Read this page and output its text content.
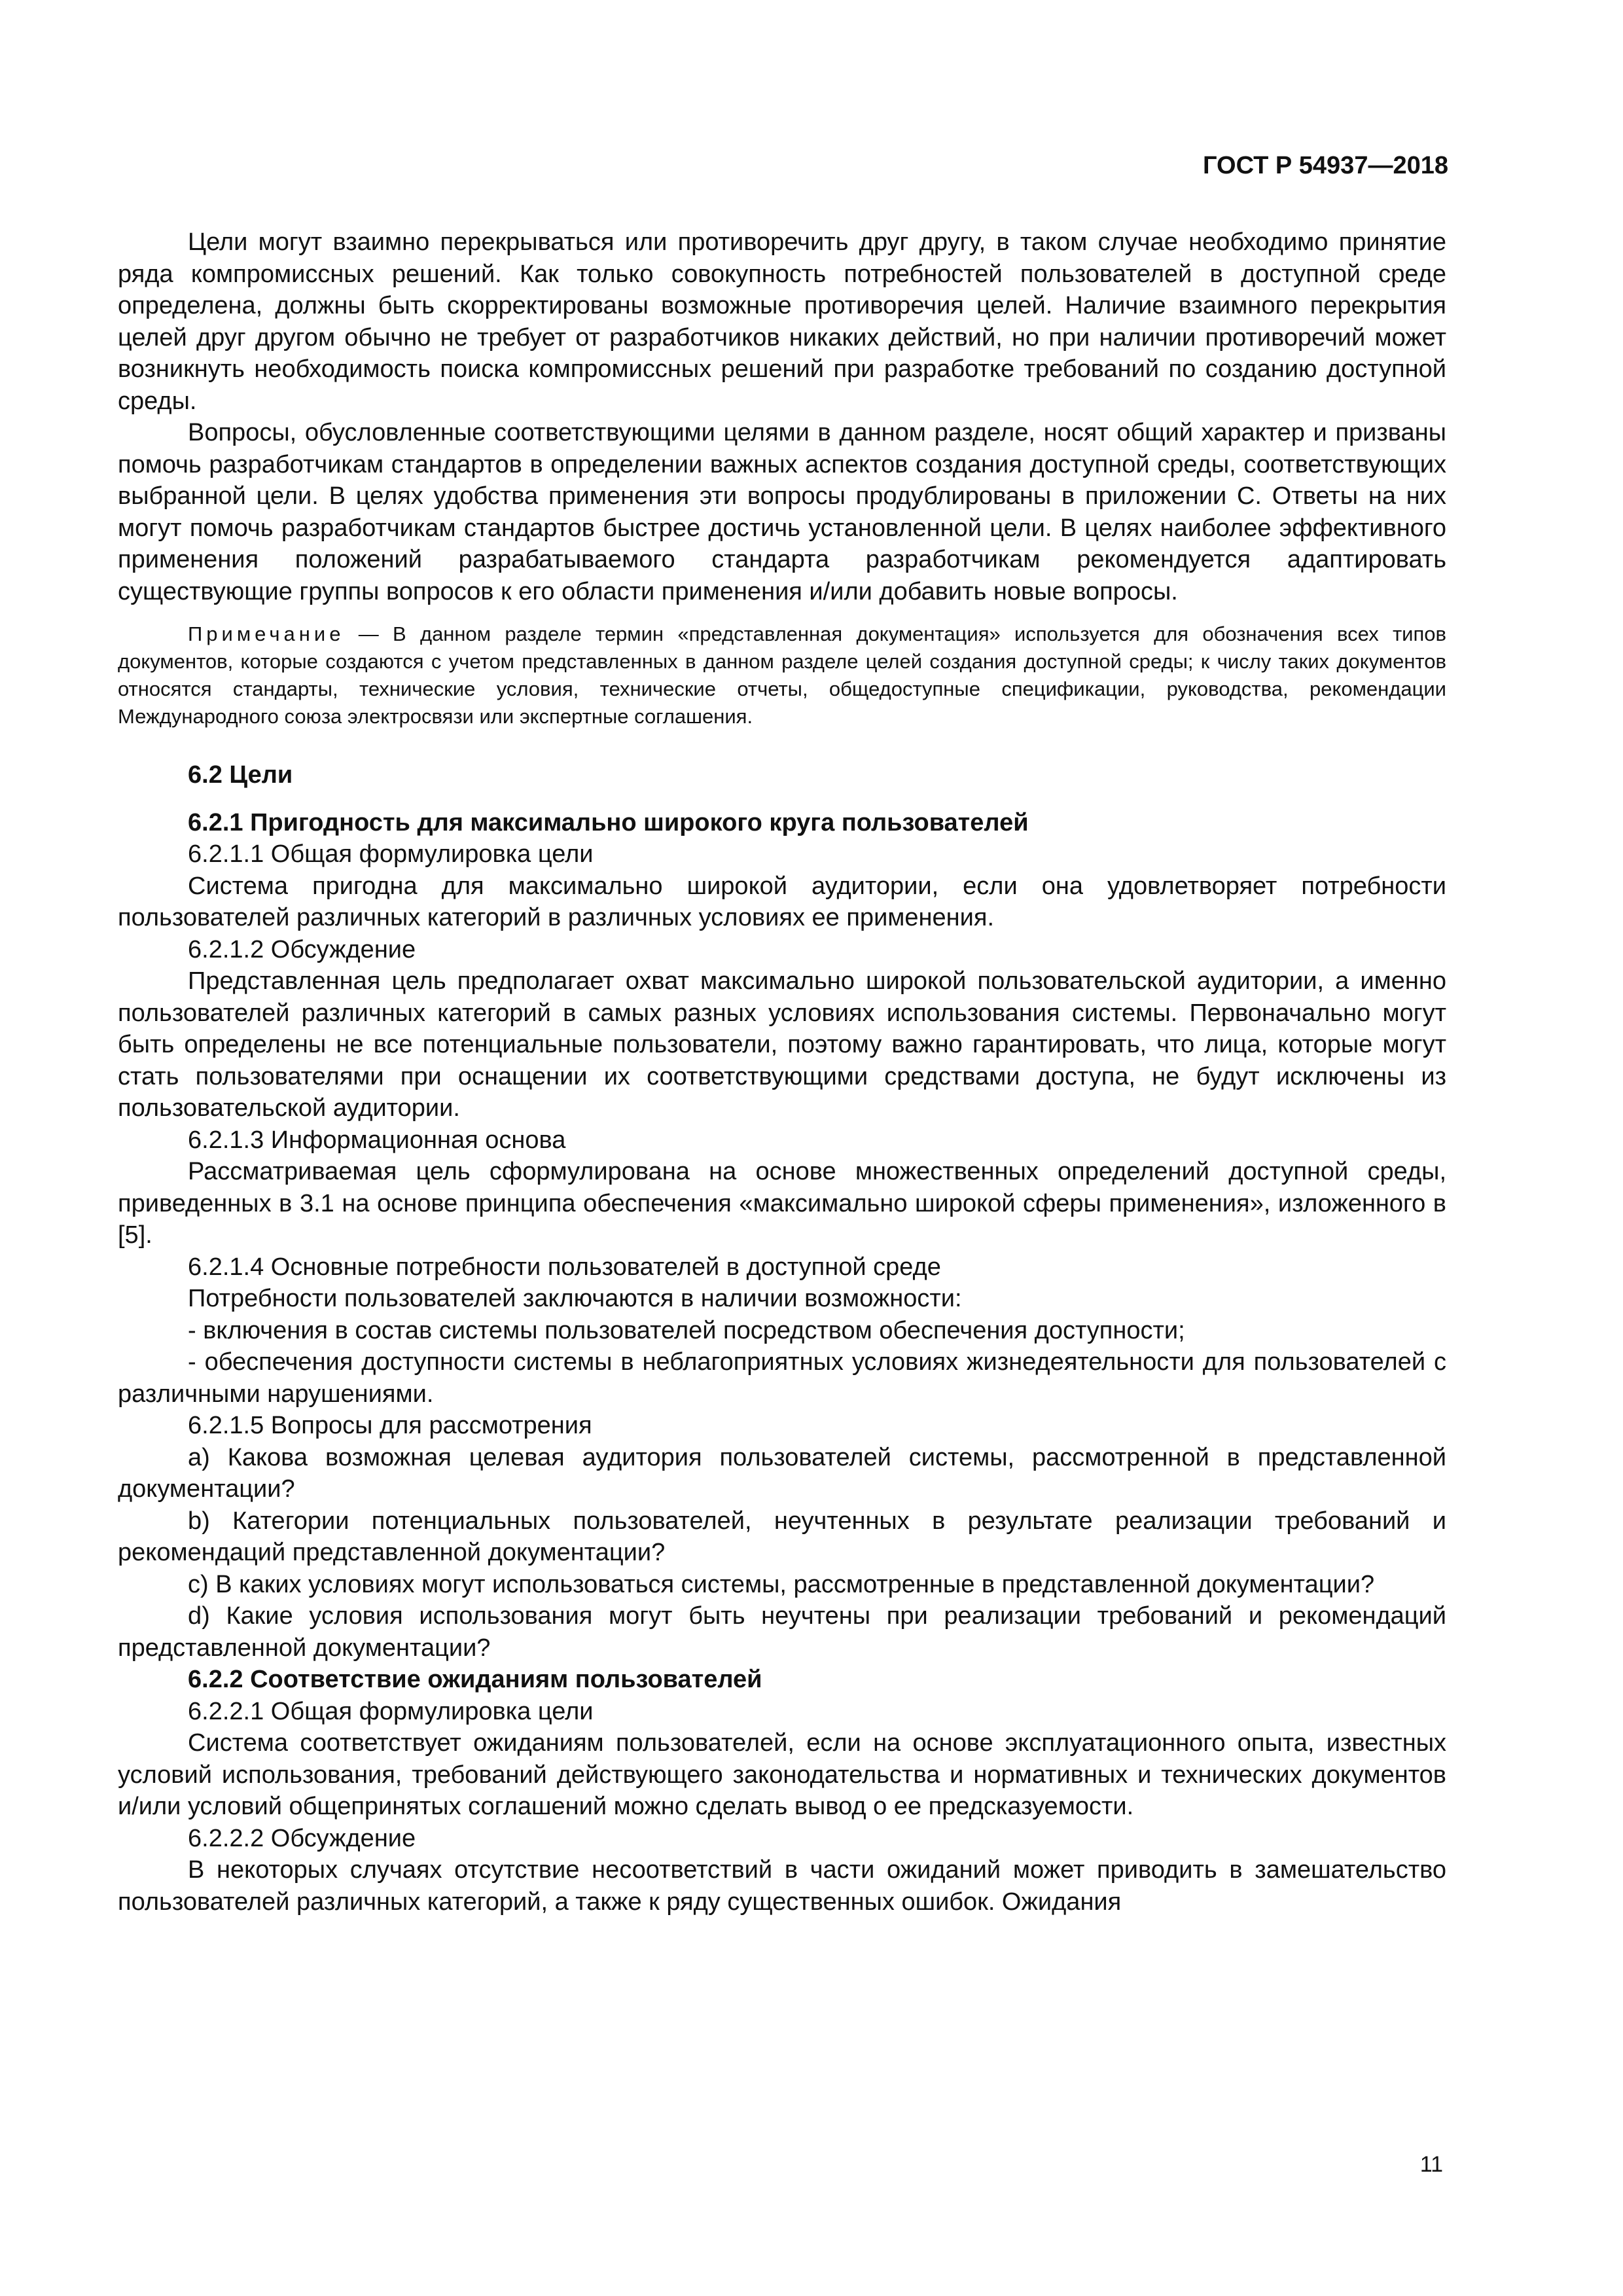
ГОСТ Р 54937—2018

Цели могут взаимно перекрываться или противоречить друг другу, в таком случае необходимо принятие ряда компромиссных решений. Как только совокупность потребностей пользователей в доступной среде определена, должны быть скорректированы возможные противоречия целей. Наличие взаимного перекрытия целей друг другом обычно не требует от разработчиков никаких действий, но при наличии противоречий может возникнуть необходимость поиска компромиссных решений при разработке требований по созданию доступной среды.

Вопросы, обусловленные соответствующими целями в данном разделе, носят общий характер и призваны помочь разработчикам стандартов в определении важных аспектов создания доступной среды, соответствующих выбранной цели. В целях удобства применения эти вопросы продублированы в приложении С. Ответы на них могут помочь разработчикам стандартов быстрее достичь установленной цели. В целях наиболее эффективного применения положений разрабатываемого стандарта разработчикам рекомендуется адаптировать существующие группы вопросов к его области применения и/или добавить новые вопросы.

Примечание — В данном разделе термин «представленная документация» используется для обозначения всех типов документов, которые создаются с учетом представленных в данном разделе целей создания доступной среды; к числу таких документов относятся стандарты, технические условия, технические отчеты, общедоступные спецификации, руководства, рекомендации Международного союза электросвязи или экспертные соглашения.

6.2 Цели

6.2.1 Пригодность для максимально широкого круга пользователей

6.2.1.1 Общая формулировка цели

Система пригодна для максимально широкой аудитории, если она удовлетворяет потребности пользователей различных категорий в различных условиях ее применения.

6.2.1.2 Обсуждение

Представленная цель предполагает охват максимально широкой пользовательской аудитории, а именно пользователей различных категорий в самых разных условиях использования системы. Первоначально могут быть определены не все потенциальные пользователи, поэтому важно гарантировать, что лица, которые могут стать пользователями при оснащении их соответствующими средствами доступа, не будут исключены из пользовательской аудитории.

6.2.1.3 Информационная основа

Рассматриваемая цель сформулирована на основе множественных определений доступной среды, приведенных в 3.1 на основе принципа обеспечения «максимально широкой сферы применения», изложенного в [5].

6.2.1.4 Основные потребности пользователей в доступной среде

Потребности пользователей заключаются в наличии возможности:

- включения в состав системы пользователей посредством обеспечения доступности;

- обеспечения доступности системы в неблагоприятных условиях жизнедеятельности для пользователей с различными нарушениями.

6.2.1.5 Вопросы для рассмотрения

а) Какова возможная целевая аудитория пользователей системы, рассмотренной в представленной документации?

b) Категории потенциальных пользователей, неучтенных в результате реализации требований и рекомендаций представленной документации?

с) В каких условиях могут использоваться системы, рассмотренные в представленной документации?

d) Какие условия использования могут быть неучтены при реализации требований и рекомендаций представленной документации?

6.2.2 Соответствие ожиданиям пользователей

6.2.2.1 Общая формулировка цели

Система соответствует ожиданиям пользователей, если на основе эксплуатационного опыта, известных условий использования, требований действующего законодательства и нормативных и технических документов и/или условий общепринятых соглашений можно сделать вывод о ее предсказуемости.

6.2.2.2 Обсуждение

В некоторых случаях отсутствие несоответствий в части ожиданий может приводить в замешательство пользователей различных категорий, а также к ряду существенных ошибок. Ожидания

11
